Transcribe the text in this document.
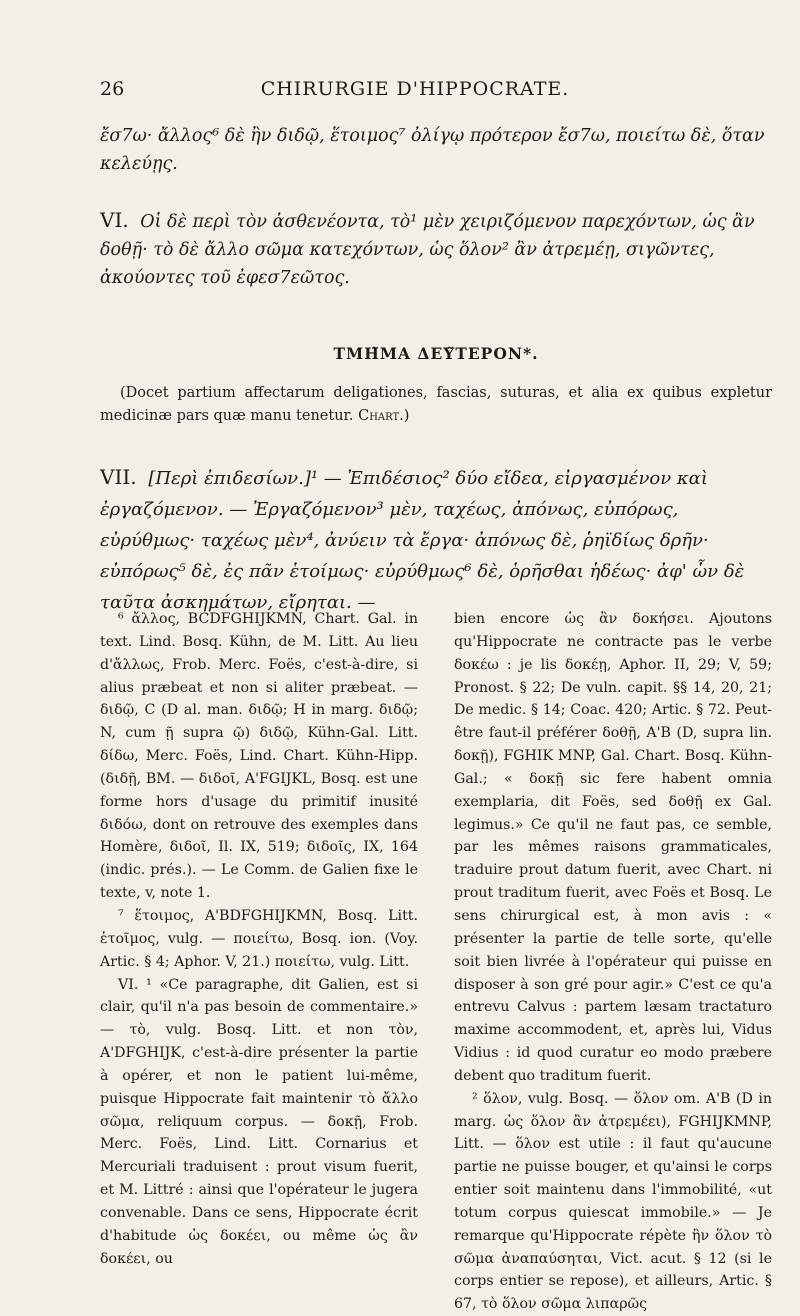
26	CHIRURGIE D'HIPPOCRATE.
ἔσ7ω· ἄλλος⁶ δὲ ἢν διδῷ, ἕτοιμος⁷ ὀλίγῳ πρότερον ἔσ7ω, ποιείτω δὲ, ὅταν κελεύῃς.
VI. Οἱ δὲ περὶ τὸν ἀσθενέοντα, τὸ¹ μὲν χειριζόμενον παρεχόντων, ὡς ἂν δοθῇ· τὸ δὲ ἄλλο σῶμα κατεχόντων, ὡς ὅλον² ἂν ἀτρεμέῃ, σιγῶντες, ἀκούοντες τοῦ ἐφεσ7εῶτος.
ΤΜΗ̃ΜΑ ΔΕΥ̃ΤΕΡΟΝ*.
(Docet partium affectarum deligationes, fascias, suturas, et alia ex quibus expletur medicinæ pars quæ manu tenetur. Chart.)
VII. [Περὶ ἐπιδεσίων.]¹ — Ἐπιδέσιος² δύο εἴδεα, εἰργασμένον καὶ ἐργαζόμενον. — Ἐργαζόμενον³ μὲν, ταχέως, ἀπόνως, εὐπόρως, εὐρύθμως· ταχέως μὲν⁴, ἀνύειν τὰ ἔργα· ἀπόνως δὲ, ῥηϊδίως δρῆν· εὐπόρως⁵ δὲ, ἐς πᾶν ἑτοίμως· εὐρύθμως⁶ δὲ, ὁρῆσθαι ἡδέως· ἀφ' ὧν δὲ ταῦτα ἀσκημάτων, εἴρηται. —

⁶ ἄλλος, BCDFGHIJKMN, Chart. Gal. in text. Lind. Bosq. Kühn, de M. Litt. Au lieu d'ἄλλως, Frob. Merc. Foës, c'est-à-dire, si alius præbeat et non si aliter præbeat. — διδῷ, C (D al. man. διδῷ; H in marg. διδῷ; N, cum ῇ supra ῷ) διδῷ, Kühn-Gal. Litt. δίδω, Merc. Foës, Lind. Chart. Kühn-Hipp. (διδῇ, BM. — διδοῖ, A'FGIJKL, Bosq. est une forme hors d'usage du primitif inusité διδόω, dont on retrouve des exemples dans Homère, διδοῖ, Il. IX, 519; διδοῖς, IX, 164 (indic. prés.). — Le Comm. de Galien fixe le texte, v, note 1.

⁷ ἕτοιμος, A'BDFGHIJKMN, Bosq. Litt. ἑτοῖμος, vulg. — ποιείτω, Bosq. ion. (Voy. Artic. § 4; Aphor. V, 21.) ποιείτω, vulg. Litt.

VI. ¹ «Ce paragraphe, dit Galien, est si clair, qu'il n'a pas besoin de commentaire.» — τὸ, vulg. Bosq. Litt. et non τὸν, A'DFGHIJK, c'est-à-dire présenter la partie à opérer, et non le patient lui-même, puisque Hippocrate fait maintenir τὸ ἄλλο σῶμα, reliquum corpus. — δοκῇ, Frob. Merc. Foës, Lind. Litt. Cornarius et Mercuriali traduisent : prout visum fuerit, et M. Littré : ainsi que l'opérateur le jugera convenable. Dans ce sens, Hippocrate écrit d'habitude ὡς δοκέει, ou même ὡς ἂν δοκέει, ou

bien encore ὡς ἂν δοκήσει. Ajoutons qu'Hippocrate ne contracte pas le verbe δοκέω : je lis δοκέῃ, Aphor. II, 29; V, 59; Pronost. § 22; De vuln. capit. §§ 14, 20, 21; De medic. § 14; Coac. 420; Artic. § 72. Peut-être faut-il préférer δοθῇ, A'B (D, supra lin. δοκῇ), FGHIK MNP, Gal. Chart. Bosq. Kühn-Gal.; « δοκῇ sic fere habent omnia exemplaria, dit Foës, sed δοθῇ ex Gal. legimus.» Ce qu'il ne faut pas, ce semble, par les mêmes raisons grammaticales, traduire prout datum fuerit, avec Chart. ni prout traditum fuerit, avec Foës et Bosq. Le sens chirurgical est, à mon avis : « présenter la partie de telle sorte, qu'elle soit bien livrée à l'opérateur qui puisse en disposer à son gré pour agir.» C'est ce qu'a entrevu Calvus : partem læsam tractaturo maxime accommodent, et, après lui, Vidus Vidius : id quod curatur eo modo præbere debent quo traditum fuerit.

² ὅλον, vulg. Bosq. — ὅλον om. A'B (D in marg. ὡς ὅλον ἂν ἀτρεμέει), FGHIJKMNP, Litt. — ὅλον est utile : il faut qu'aucune partie ne puisse bouger, et qu'ainsi le corps entier soit maintenu dans l'immobilité, «ut totum corpus quiescat immobile.» — Je remarque qu'Hippocrate répète ἢν ὅλον τὸ σῶμα ἀναπαύσηται, Vict. acut. § 12 (si le corps entier se repose), et ailleurs, Artic. § 67, τὸ ὅλον σῶμα λιπαρῶς
